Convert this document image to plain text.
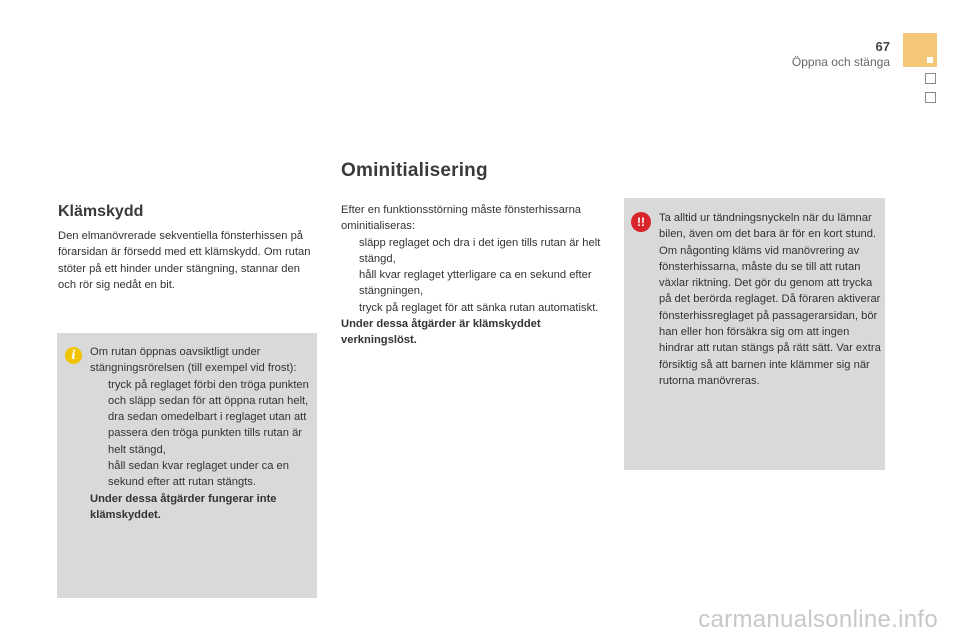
67
Öppna och stänga
Ominitialisering
Klämskydd

Den elmanövrerade sekventiella fönsterhissen på förarsidan är försedd med ett klämskydd. Om rutan stöter på ett hinder under stängning, stannar den och rör sig nedåt en bit.

i	Om rutan öppnas oavsiktligt under stängningsrörelsen (till exempel vid frost):

tryck på reglaget förbi den tröga punkten och släpp sedan för att öppna rutan helt,
dra sedan omedelbart i reglaget utan att passera den tröga punkten tills rutan är helt stängd,
håll sedan kvar reglaget under ca en sekund efter att rutan stängts.

Under dessa åtgärder fungerar inte klämskyddet.

Efter en funktionsstörning måste fönsterhissarna ominitialiseras:

släpp reglaget och dra i det igen tills rutan är helt stängd,
håll kvar reglaget ytterligare ca en sekund efter stängningen,
tryck på reglaget för att sänka rutan automatiskt.

Under dessa åtgärder är klämskyddet verkningslöst.

!!	Ta alltid ur tändningsnyckeln när du lämnar bilen, även om det bara är för en kort stund. Om någonting kläms vid manövrering av fönsterhissarna, måste du se till att rutan växlar riktning. Det gör du genom att trycka på det berörda reglaget. Då föraren aktiverar fönsterhissreglaget på passagerarsidan, bör han eller hon försäkra sig om att ingen hindrar att rutan stängs på rätt sätt. Var extra försiktig så att barnen inte klämmer sig när rutorna manövreras.

carmanualsonline.info
